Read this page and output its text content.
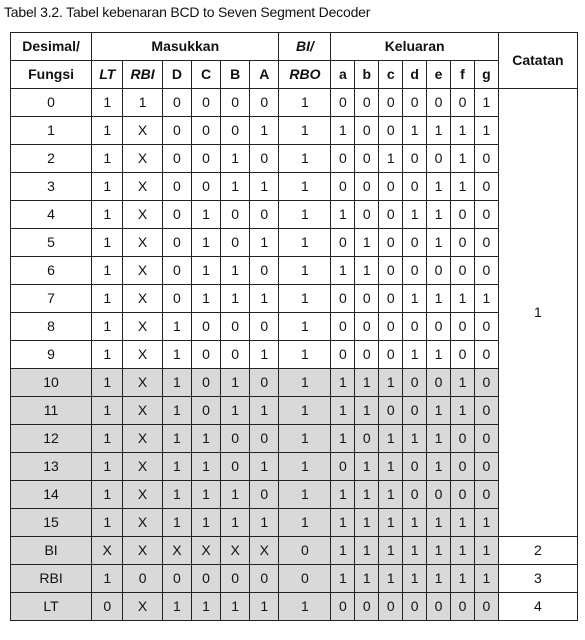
Tabel 3.2. Tabel kebenaran BCD to Seven Segment Decoder
Desimal/	Masukkan						BI/	Keluaran							Catatan
Fungsi	LT	RBI	D	C	B	A	RBO	a	b	c	d	e	f	g	
0	1	1	0	0	0	0	1	0	0	0	0	0	0	1	1
1	1	X	0	0	0	1	1	1	0	0	1	1	1	1	
2	1	X	0	0	1	0	1	0	0	1	0	0	1	0	
3	1	X	0	0	1	1	1	0	0	0	0	1	1	0	
4	1	X	0	1	0	0	1	1	0	0	1	1	0	0	
5	1	X	0	1	0	1	1	0	1	0	0	1	0	0	
6	1	X	0	1	1	0	1	1	1	0	0	0	0	0	
7	1	X	0	1	1	1	1	0	0	0	1	1	1	1	
8	1	X	1	0	0	0	1	0	0	0	0	0	0	0	
9	1	X	1	0	0	1	1	0	0	0	1	1	0	0	
10	1	X	1	0	1	0	1	1	1	1	0	0	1	0	
11	1	X	1	0	1	1	1	1	1	0	0	1	1	0	
12	1	X	1	1	0	0	1	1	0	1	1	1	0	0	
13	1	X	1	1	0	1	1	0	1	1	0	1	0	0	
14	1	X	1	1	1	0	1	1	1	1	0	0	0	0	
15	1	X	1	1	1	1	1	1	1	1	1	1	1	1	
BI	X	X	X	X	X	X	0	1	1	1	1	1	1	1	2
RBI	1	0	0	0	0	0	0	1	1	1	1	1	1	1	3
LT	0	X	1	1	1	1	1	0	0	0	0	0	0	0	4
